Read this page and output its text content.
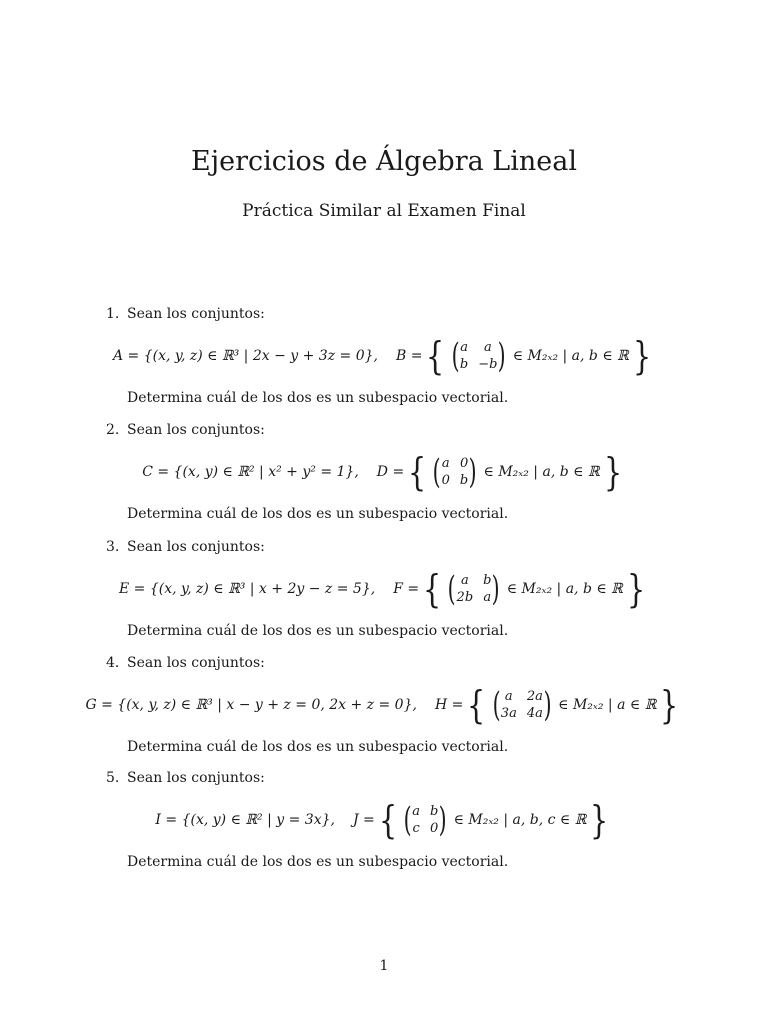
Ejercicios de Álgebra Lineal
Práctica Similar al Examen Final
1. Sean los conjuntos:
A = {(x, y, z) ∈ ℝ³ | 2x − y + 3z = 0}, B = { ( a	a
b −b ) ∈ M₂ₓ₂ | a, b ∈ ℝ }
Determina cuál de los dos es un subespacio vectorial.
2. Sean los conjuntos:
C = {(x, y) ∈ ℝ² | x² + y² = 1}, D = { ( a 0
0 b ) ∈ M₂ₓ₂ | a, b ∈ ℝ }
Determina cuál de los dos es un subespacio vectorial.
3. Sean los conjuntos:
E = {(x, y, z) ∈ ℝ³ | x + 2y − z = 5}, F = { ( a	b
2b a ) ∈ M₂ₓ₂ | a, b ∈ ℝ }
Determina cuál de los dos es un subespacio vectorial.
4. Sean los conjuntos:
G = {(x, y, z) ∈ ℝ³ | x − y + z = 0, 2x + z = 0}, H = { ( a	2a
3a 4a ) ∈ M₂ₓ₂ | a ∈ ℝ }
Determina cuál de los dos es un subespacio vectorial.
5. Sean los conjuntos:
I = {(x, y) ∈ ℝ² | y = 3x}, J = { ( a b
c 0 ) ∈ M₂ₓ₂ | a, b, c ∈ ℝ }
Determina cuál de los dos es un subespacio vectorial.
1
